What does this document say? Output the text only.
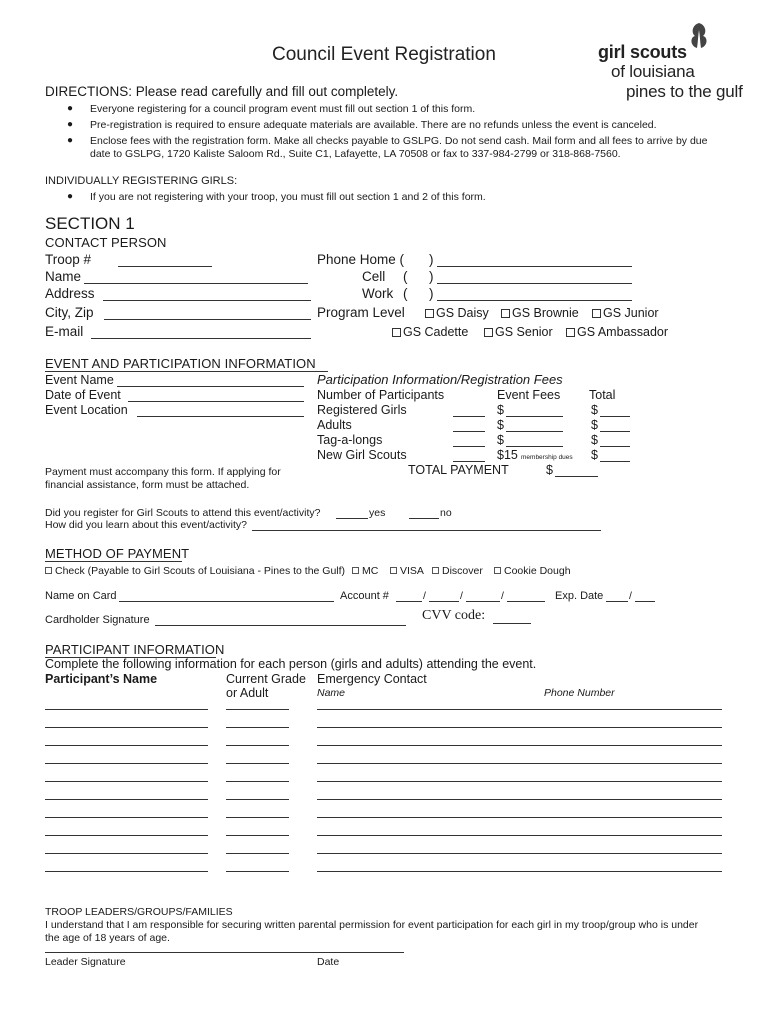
Council Event Registration	girl scouts
of louisiana
pines to the gulf
DIRECTIONS: Please read carefully and fill out completely.
● Everyone registering for a council program event must fill out section 1 of this form.
● Pre-registration is required to ensure adequate materials are available. There are no refunds unless the event is canceled.
● Enclose fees with the registration form. Make all checks payable to GSLPG. Do not send cash. Mail form and all fees to arrive by due
date to GSLPG, 1720 Kaliste Saloom Rd., Suite C1, Lafayette, LA 70508 or fax to 337-984-2799 or 318-868-7560.
INDIVIDUALLY REGISTERING GIRLS:
● If you are not registering with your troop, you must fill out section 1 and 2 of this form.
SECTION 1
CONTACT PERSON
Troop #
Name
Address
City, Zip
E-mail
Phone Home ( )
Cell ( )
Work ( )
Program Level	GS Daisy	GS Brownie	GS Junior
GS Cadette	GS Senior	GS Ambassador
EVENT AND PARTICIPATION INFORMATION
Event Name
Date of Event
Event Location
Participation Information/Registration Fees
Number of Participants	Event Fees Total
Registered Girls	$	$
Adults	$	$
Tag-a-longs	$	$
New Girl Scouts	$15 membership dues $
TOTAL PAYMENT	$
Payment must accompany this form. If applying for
financial assistance, form must be attached.
Did you register for Girl Scouts to attend this event/activity?	yes	no
How did you learn about this event/activity?
METHOD OF PAYMENT
Check (Payable to Girl Scouts of Louisiana - Pines to the Gulf)	MC	VISA	Discover	Cookie Dough
Name on Card	Account #	/	/	/	Exp. Date /
Cardholder Signature	CVV code:
PARTICIPANT INFORMATION
Complete the following information for each person (girls and adults) attending the event.
Participant’s Name	Current Grade
or Adult
Emergency Contact
Name	Phone Number
TROOP LEADERS/GROUPS/FAMILIES
I understand that I am responsible for securing written parental permission for event participation for each girl in my troop/group who is under
the age of 18 years of age.
Leader Signature	Date
